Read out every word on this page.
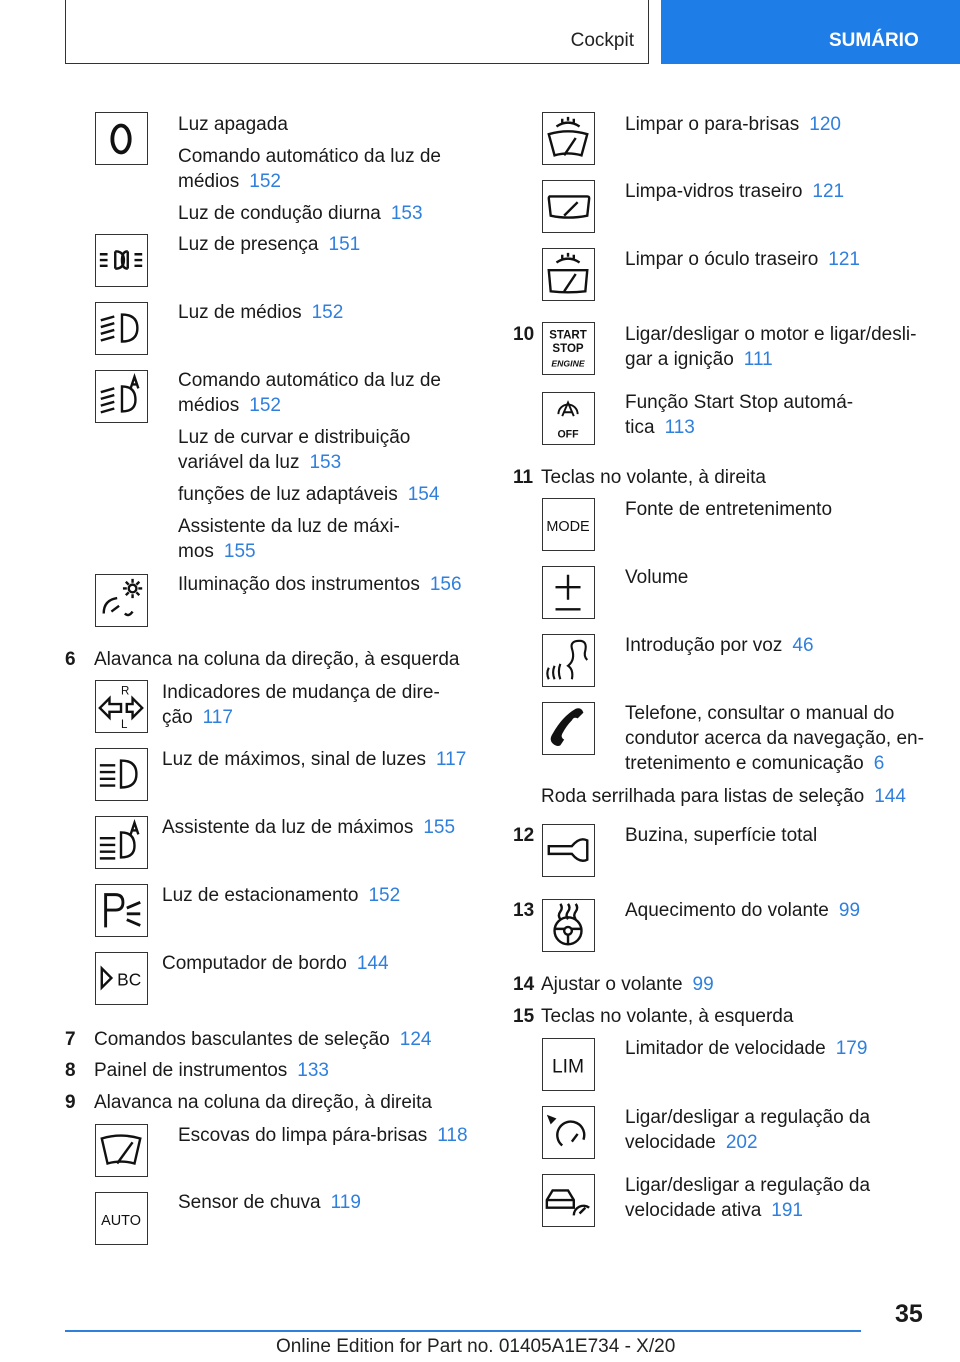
Cockpit	SUMÁRIO
Luz apagada
Comando automático da luz de médios 152
Luz de condução diurna 153
Luz de presença 151
Luz de médios 152
Comando automático da luz de médios 152
Luz de curvar e distribuição variável da luz 153
funções de luz adaptáveis 154
Assistente da luz de máximos 155
Iluminação dos instrumentos 156
6 Alavanca na coluna da direção, à esquerda
R
L
Indicadores de mudança de direção 117
Luz de máximos, sinal de luzes 117
Assistente da luz de máximos 155
Luz de estacionamento 152
BC
Computador de bordo 144
7 Comandos basculantes de seleção 124
8 Painel de instrumentos 133
9 Alavanca na coluna da direção, à direita
Escovas do limpa pára-brisas 118
AUTO
Sensor de chuva 119
Limpar o para-brisas 120
Limpa-vidros traseiro 121
Limpar o óculo traseiro 121
10 START
STOP
ENGINE
Ligar/desligar o motor e ligar/desligar a ignição 111
OFF
Função Start Stop automática 113
11 Teclas no volante, à direita
MODE
Fonte de entretenimento
Volume
Introdução por voz 46
Telefone, consultar o manual do condutor acerca da navegação, entretenimento e comunicação 6
Roda serrilhada para listas de seleção 144
12	Buzina, superfície total
13	Aquecimento do volante 99
14 Ajustar o volante 99
15 Teclas no volante, à esquerda
LIM
Limitador de velocidade 179
Ligar/desligar a regulação da velocidade 202
Ligar/desligar a regulação da velocidade ativa 191
35
Online Edition for Part no. 01405A1E734 - X/20
